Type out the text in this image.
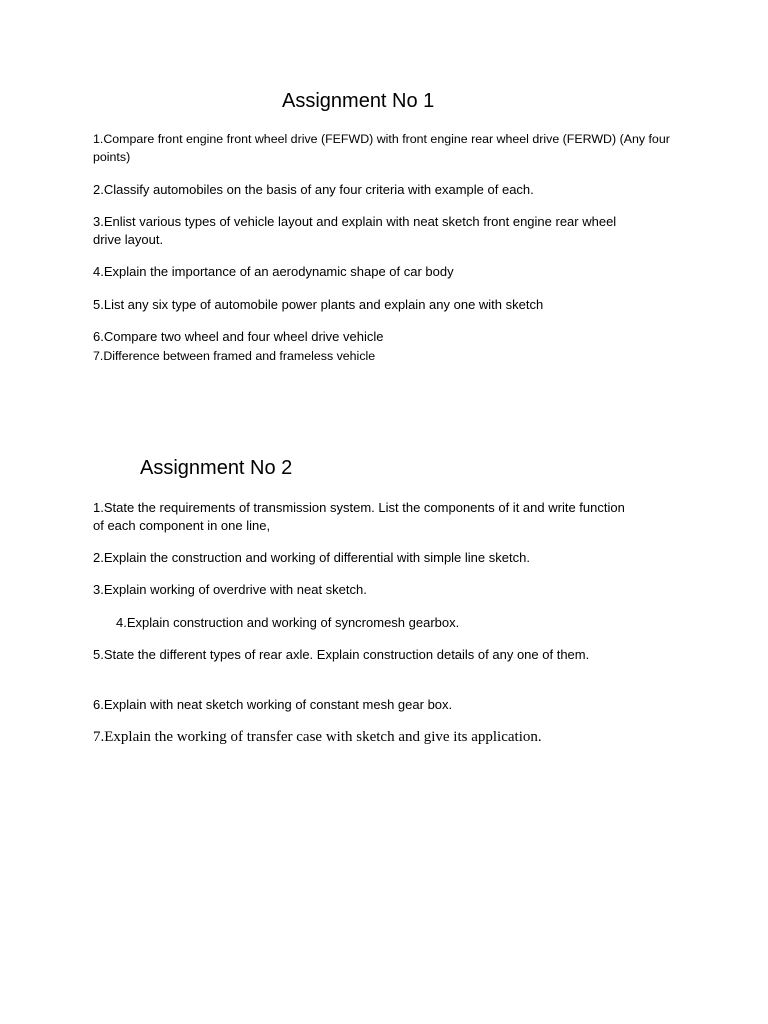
Assignment No 1

1.Compare front engine front wheel drive (FEFWD) with front engine rear wheel drive (FERWD) (Any four points)

2.Classify automobiles on the basis of any four criteria with example of each.

3.Enlist various types of vehicle layout and explain with neat sketch front engine rear wheel drive layout.

4.Explain the importance of an aerodynamic shape of car body

5.List any six type of automobile power plants and explain any one with sketch

6.Compare two wheel and four wheel drive vehicle

7.Difference between framed and frameless vehicle

Assignment No 2

1.State the requirements of transmission system. List the components of it and write function of each component in one line,

2.Explain the construction and working of differential with simple line sketch.

3.Explain working of overdrive with neat sketch.

4.Explain construction and working of syncromesh gearbox.

5.State the different types of rear axle. Explain construction details of any one of them.

6.Explain with neat sketch working of constant mesh gear box.

7.Explain the working of transfer case with sketch and give its application.
